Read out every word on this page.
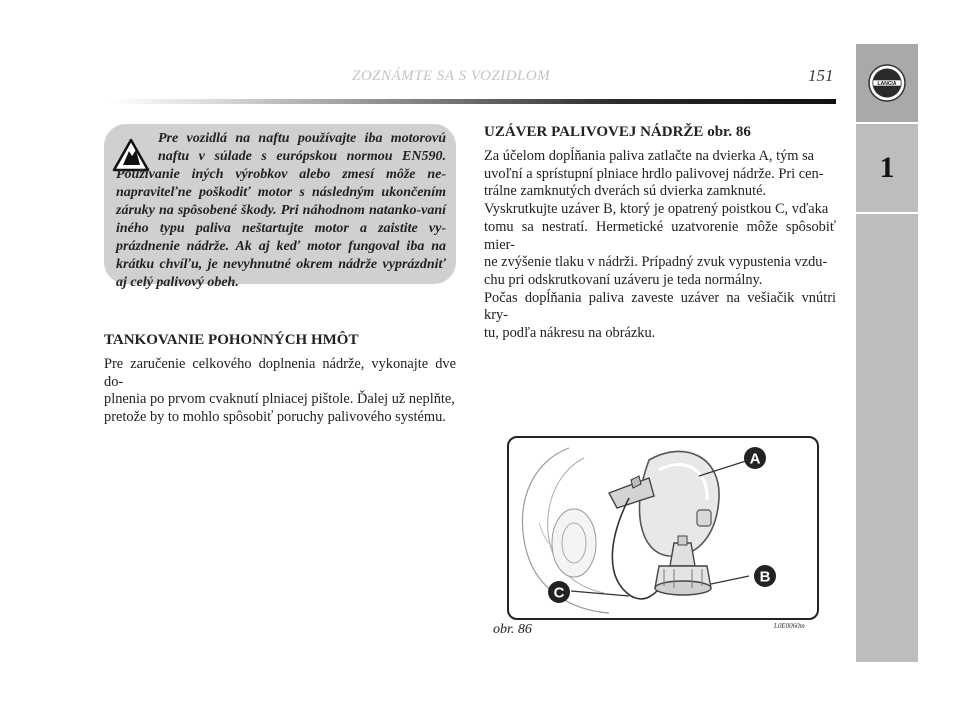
ZOZNÁMTE SA S VOZIDLOM	151	LANCIA
1
Pre vozidlá na naftu používajte iba motorovú naftu v súlade s európskou normou EN590. Používanie iných výrobkov alebo zmesí môže ne-napraviteľne poškodiť motor s následným ukončením záruky na spôsobené škody. Pri náhodnom natanko-vaní iného typu paliva neštartujte motor a zaistite vy-prázdnenie nádrže. Ak aj keď motor fungoval iba na krátku chvíľu, je nevyhnutné okrem nádrže vyprázdniť aj celý palivový obeh.
TANKOVANIE POHONNÝCH HMÔT
Pre zaručenie celkového doplnenia nádrže, vykonajte dve do-
plnenia po prvom cvaknutí plniacej pištole. Ďalej už neplňte,
pretože by to mohlo spôsobiť poruchy palivového systému.
UZÁVER PALIVOVEJ NÁDRŽE obr. 86
Za účelom dopĺňania paliva zatlačte na dvierka A, tým sa
uvoľní a sprístupní plniace hrdlo palivovej nádrže. Pri cen-
trálne zamknutých dverách sú dvierka zamknuté.
Vyskrutkujte uzáver B, ktorý je opatrený poistkou C, vďaka
tomu sa nestratí. Hermetické uzatvorenie môže spôsobiť mier-
ne zvýšenie tlaku v nádrži. Prípadný zvuk vypustenia vzdu-
chu pri odskrutkovaní uzáveru je teda normálny.
Počas dopĺňania paliva zaveste uzáver na vešiačik vnútri kry-
tu, podľa nákresu na obrázku.
A
B
C
obr. 86	L0E0060m
